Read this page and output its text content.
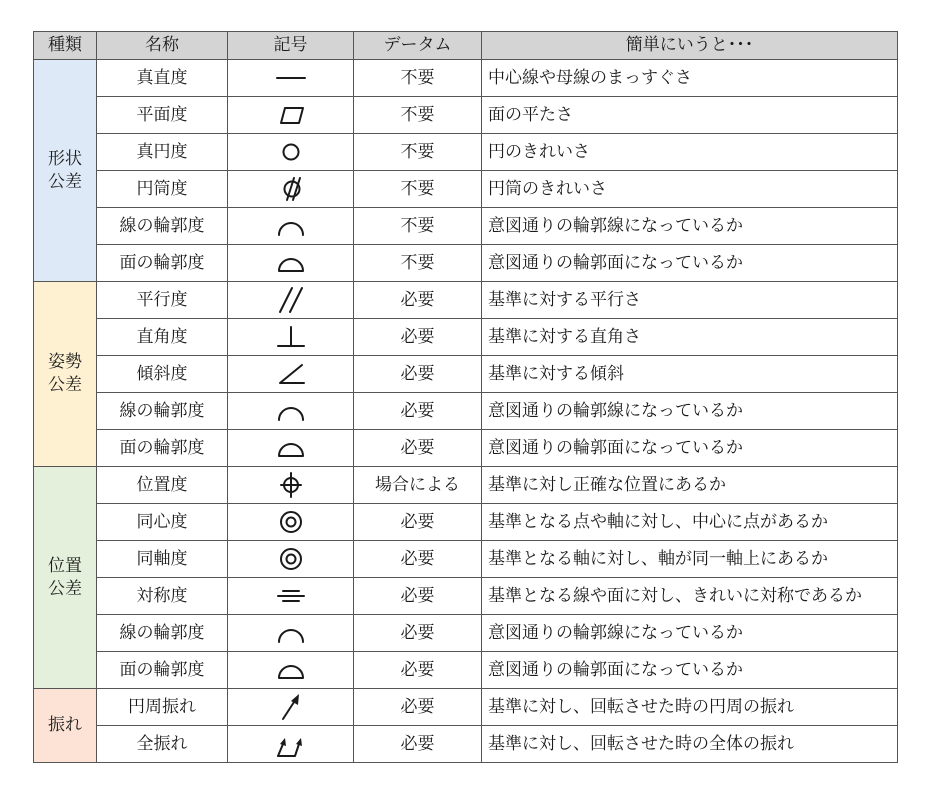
種類	名称	記号	データム	簡単にいうと･･･

形状
公差	真直度		不要	中心線や母線のまっすぐさ
	平面度		不要	面の平たさ
	真円度		不要	円のきれいさ
	円筒度		不要	円筒のきれいさ
	線の輪郭度		不要	意図通りの輪郭線になっているか
	面の輪郭度		不要	意図通りの輪郭面になっているか

姿勢
公差	平行度		必要	基準に対する平行さ
	直角度		必要	基準に対する直角さ
	傾斜度		必要	基準に対する傾斜
	線の輪郭度		必要	意図通りの輪郭線になっているか
	面の輪郭度		必要	意図通りの輪郭面になっているか

位置
公差	位置度		場合による	基準に対し正確な位置にあるか
	同心度		必要	基準となる点や軸に対し、中心に点があるか
	同軸度		必要	基準となる軸に対し、軸が同一軸上にあるか
	対称度		必要	基準となる線や面に対し、きれいに対称であるか
	線の輪郭度		必要	意図通りの輪郭線になっているか
	面の輪郭度		必要	意図通りの輪郭面になっているか

振れ	円周振れ		必要	基準に対し、回転させた時の円周の振れ
	全振れ		必要	基準に対し、回転させた時の全体の振れ
